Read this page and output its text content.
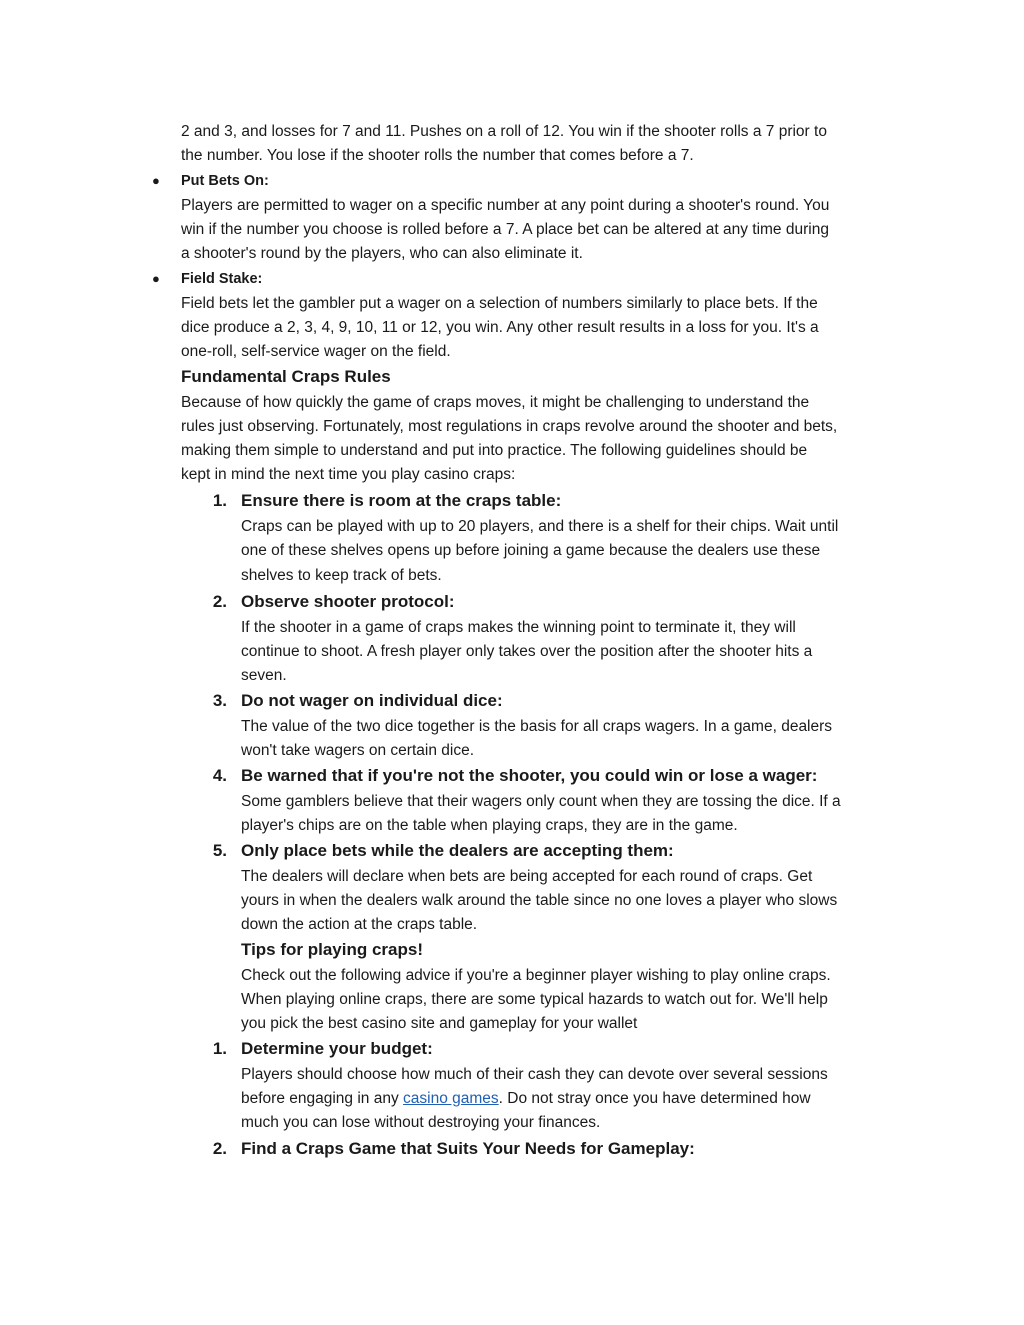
2 and 3, and losses for 7 and 11. Pushes on a roll of 12. You win if the shooter rolls a 7 prior to
the number. You lose if the shooter rolls the number that comes before a 7.
● Put Bets On:
Players are permitted to wager on a specific number at any point during a shooter's round. You
win if the number you choose is rolled before a 7. A place bet can be altered at any time during
a shooter's round by the players, who can also eliminate it.
● Field Stake:
Field bets let the gambler put a wager on a selection of numbers similarly to place bets. If the
dice produce a 2, 3, 4, 9, 10, 11 or 12, you win. Any other result results in a loss for you. It's a
one-roll, self-service wager on the field.
Fundamental Craps Rules
Because of how quickly the game of craps moves, it might be challenging to understand the
rules just observing. Fortunately, most regulations in craps revolve around the shooter and bets,
making them simple to understand and put into practice. The following guidelines should be
kept in mind the next time you play casino craps:
1. Ensure there is room at the craps table:
Craps can be played with up to 20 players, and there is a shelf for their chips. Wait until
one of these shelves opens up before joining a game because the dealers use these
shelves to keep track of bets.
2. Observe shooter protocol:
If the shooter in a game of craps makes the winning point to terminate it, they will
continue to shoot. A fresh player only takes over the position after the shooter hits a
seven.
3. Do not wager on individual dice:
The value of the two dice together is the basis for all craps wagers. In a game, dealers
won't take wagers on certain dice.
4. Be warned that if you're not the shooter, you could win or lose a wager:
Some gamblers believe that their wagers only count when they are tossing the dice. If a
player's chips are on the table when playing craps, they are in the game.
5. Only place bets while the dealers are accepting them:
The dealers will declare when bets are being accepted for each round of craps. Get
yours in when the dealers walk around the table since no one loves a player who slows
down the action at the craps table.
Tips for playing craps!
Check out the following advice if you're a beginner player wishing to play online craps.
When playing online craps, there are some typical hazards to watch out for. We'll help
you pick the best casino site and gameplay for your wallet
1. Determine your budget:
Players should choose how much of their cash they can devote over several sessions
before engaging in any casino games. Do not stray once you have determined how
much you can lose without destroying your finances.
2. Find a Craps Game that Suits Your Needs for Gameplay:
